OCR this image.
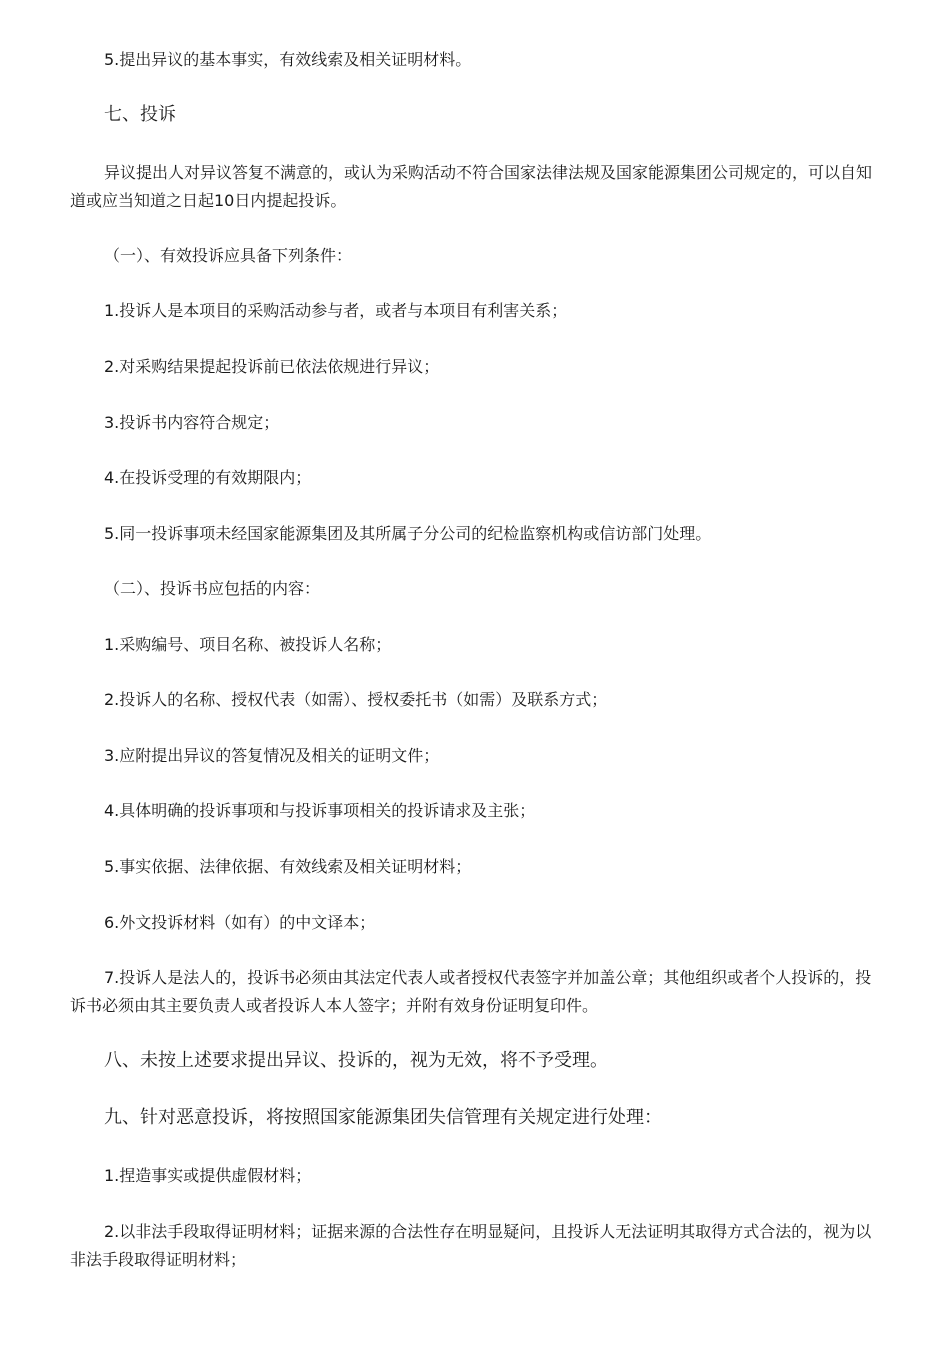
5.提出异议的基本事实，有效线索及相关证明材料。
七、投诉
异议提出人对异议答复不满意的，或认为采购活动不符合国家法律法规及国家能源集团公司规定的，可以自知道或应当知道之日起10日内提起投诉。
（一）、有效投诉应具备下列条件：
1.投诉人是本项目的采购活动参与者，或者与本项目有利害关系；
2.对采购结果提起投诉前已依法依规进行异议；
3.投诉书内容符合规定；
4.在投诉受理的有效期限内；
5.同一投诉事项未经国家能源集团及其所属子分公司的纪检监察机构或信访部门处理。
（二）、投诉书应包括的内容：
1.采购编号、项目名称、被投诉人名称；
2.投诉人的名称、授权代表（如需）、授权委托书（如需）及联系方式；
3.应附提出异议的答复情况及相关的证明文件；
4.具体明确的投诉事项和与投诉事项相关的投诉请求及主张；
5.事实依据、法律依据、有效线索及相关证明材料；
6.外文投诉材料（如有）的中文译本；
7.投诉人是法人的，投诉书必须由其法定代表人或者授权代表签字并加盖公章；其他组织或者个人投诉的，投诉书必须由其主要负责人或者投诉人本人签字；并附有效身份证明复印件。
八、未按上述要求提出异议、投诉的，视为无效，将不予受理。
九、针对恶意投诉，将按照国家能源集团失信管理有关规定进行处理：
1.捏造事实或提供虚假材料；
2.以非法手段取得证明材料；证据来源的合法性存在明显疑问，且投诉人无法证明其取得方式合法的，视为以非法手段取得证明材料；
